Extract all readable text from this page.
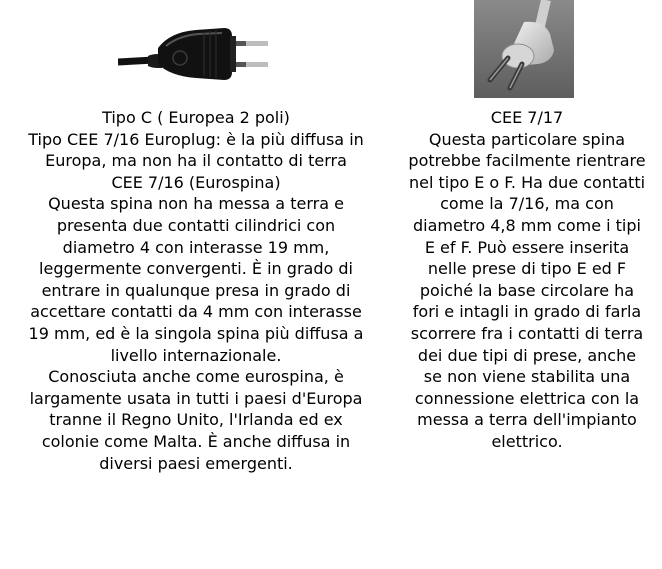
Tipo C ( Europea 2 poli)
Tipo CEE 7/16 Europlug: è la più diffusa in
Europa, ma non ha il contatto di terra
CEE 7/16 (Eurospina)
Questa spina non ha messa a terra e
presenta due contatti cilindrici con
diametro 4 con interasse 19 mm,
leggermente convergenti. È in grado di
entrare in qualunque presa in grado di
accettare contatti da 4 mm con interasse
19 mm, ed è la singola spina più diffusa a
livello internazionale.
Conosciuta anche come eurospina, è
largamente usata in tutti i paesi d'Europa
tranne il Regno Unito, l'Irlanda ed ex
colonie come Malta. È anche diffusa in
diversi paesi emergenti.

CEE 7/17
Questa particolare spina
potrebbe facilmente rientrare
nel tipo E o F. Ha due contatti
come la 7/16, ma con
diametro 4,8 mm come i tipi
E ef F. Può essere inserita
nelle prese di tipo E ed F
poiché la base circolare ha
fori e intagli in grado di farla
scorrere fra i contatti di terra
dei due tipi di prese, anche
se non viene stabilita una
connessione elettrica con la
messa a terra dell'impianto
elettrico.
